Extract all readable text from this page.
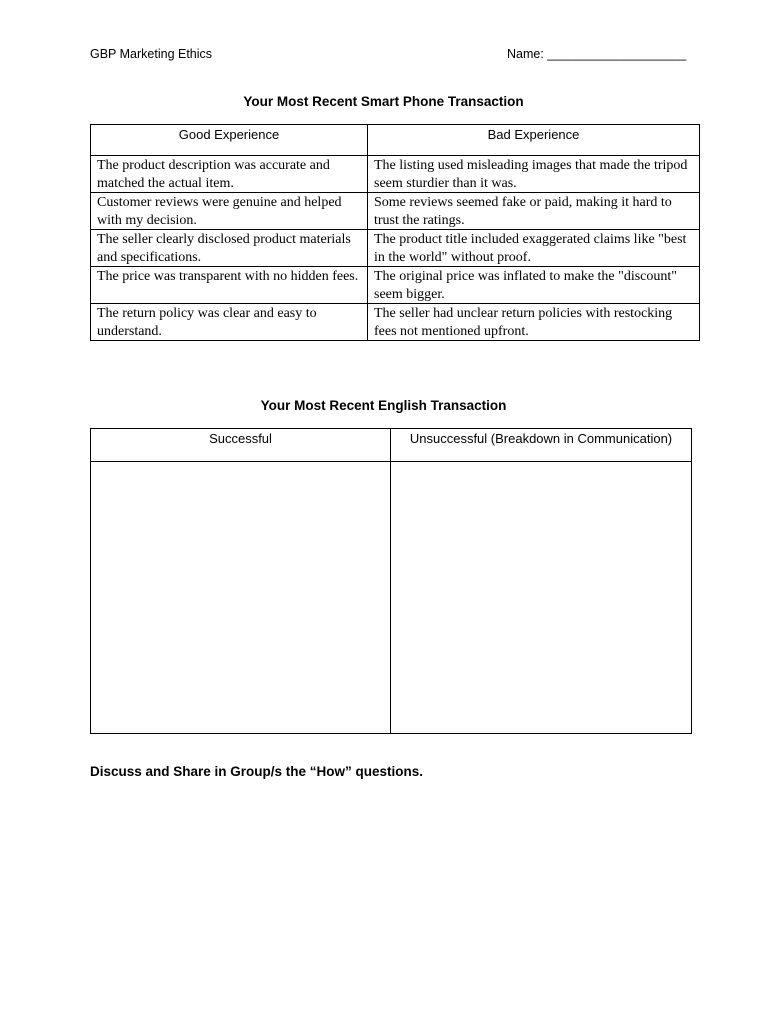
GBP Marketing Ethics	Name: ____________________
Your Most Recent Smart Phone Transaction
Good Experience	Bad Experience
The product description was accurate and matched the actual item.	The listing used misleading images that made the tripod seem sturdier than it was.
Customer reviews were genuine and helped with my decision.	Some reviews seemed fake or paid, making it hard to trust the ratings.
The seller clearly disclosed product materials and specifications.	The product title included exaggerated claims like "best in the world" without proof.
The price was transparent with no hidden fees.	The original price was inflated to make the "discount" seem bigger.
The return policy was clear and easy to understand.	The seller had unclear return policies with restocking fees not mentioned upfront.
Your Most Recent English Transaction
Successful	Unsuccessful (Breakdown in Communication)

Discuss and Share in Group/s the “How” questions.
